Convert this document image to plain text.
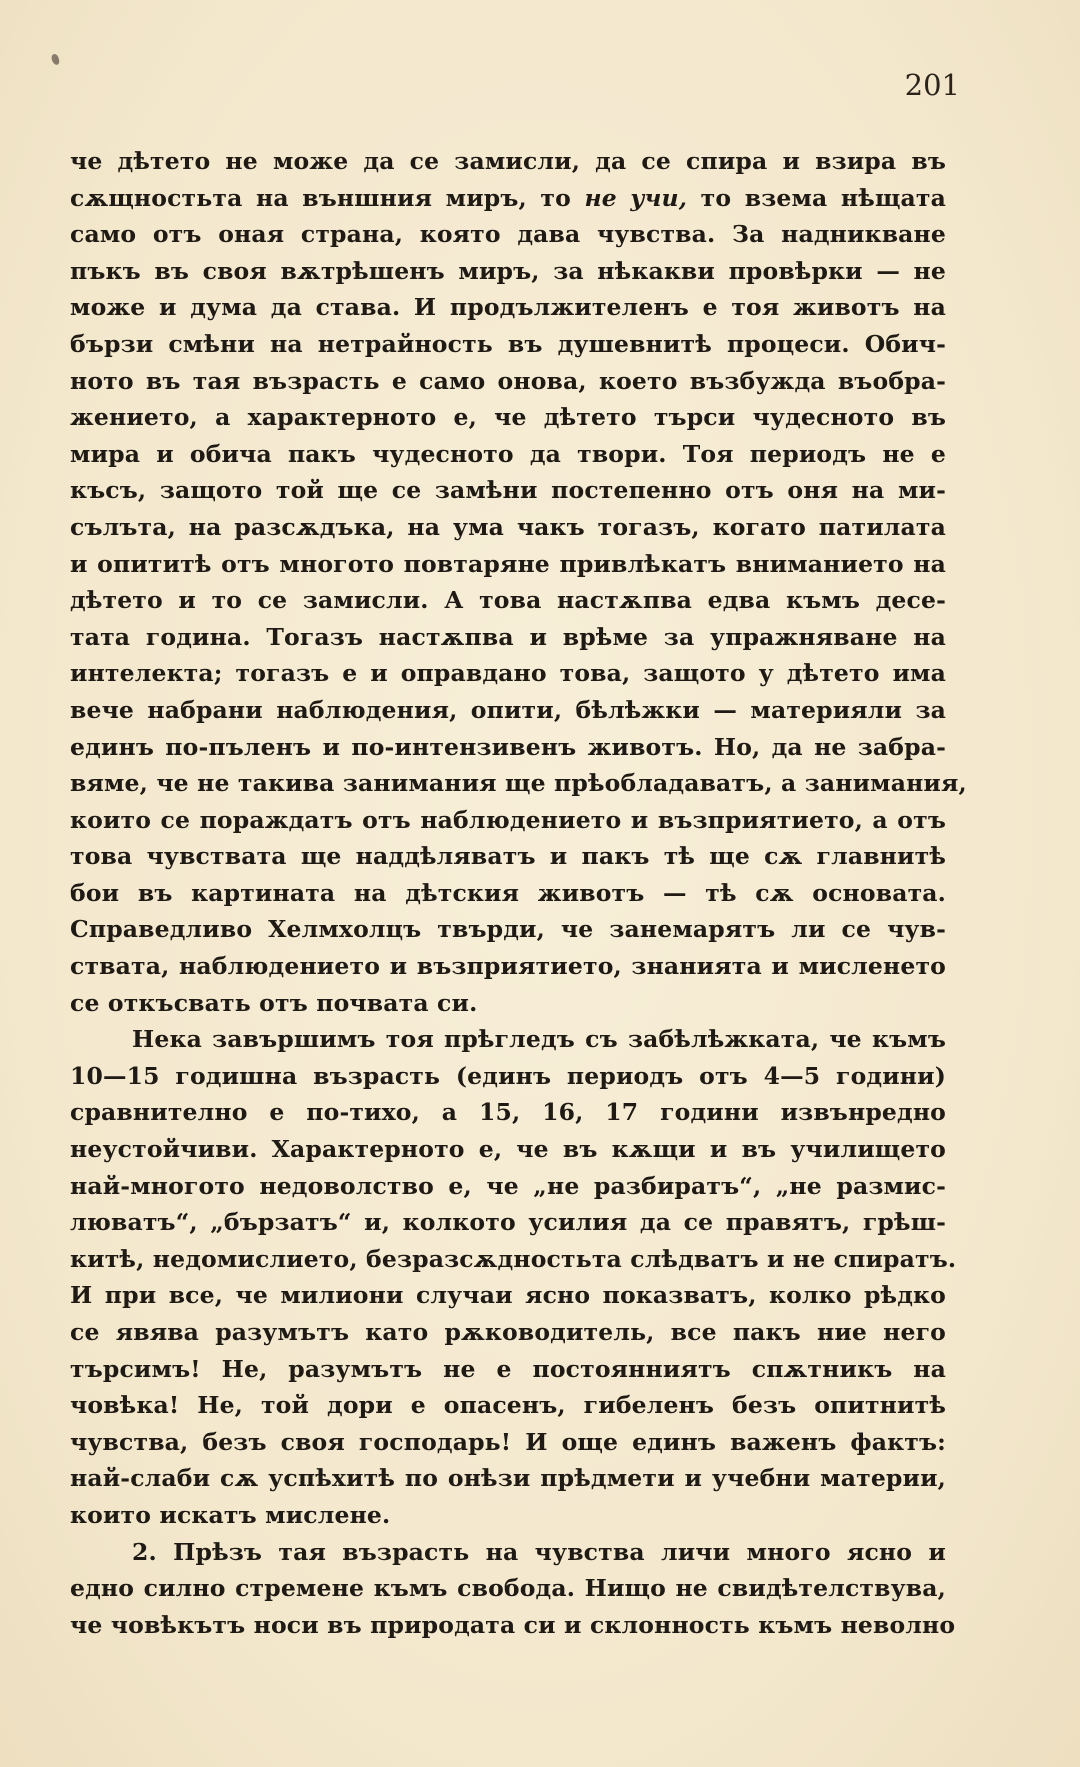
201
че дѣтето не може да се замисли, да се спира и взира въ
сѫщностьта на външния миръ, то не учи, то взема нѣщата
само отъ оная страна, която дава чувства. За надникване
пъкъ въ своя вѫтрѣшенъ миръ, за нѣкакви провѣрки — не
може и дума да става. И продължителенъ е тоя животъ на
бързи смѣни на нетрайность въ душевнитѣ процеси. Обич-
ното въ тая възрасть е само онова, което възбужда въобра-
жението, а характерното е, че дѣтето търси чудесното въ
мира и обича пакъ чудесното да твори. Тоя периодъ не е
късъ, защото той ще се замѣни постепенно отъ оня на ми-
сълъта, на разсѫдъка, на ума чакъ тогазъ, когато патилата
и опититѣ отъ многото повтаряне привлѣкатъ вниманието на
дѣтето и то се замисли. А това настѫпва едва къмъ десе-
тата година. Тогазъ настѫпва и врѣме за упражняване на
интелекта; тогазъ е и оправдано това, защото у дѣтето има
вече набрани наблюдения, опити, бѣлѣжки — материяли за
единъ по-пъленъ и по-интензивенъ животъ. Но, да не забра-
вяме, че не такива занимания ще прѣобладаватъ, а занимания,
които се пораждатъ отъ наблюдението и възприятието, а отъ
това чувствата ще наддѣляватъ и пакъ тѣ ще сѫ главнитѣ
бои въ картината на дѣтския животъ — тѣ сѫ основата.
Справедливо Хелмхолцъ твърди, че занемарятъ ли се чув-
ствата, наблюдението и възприятието, знанията и мисленето
се откъсвать отъ почвата си.
Нека завършимъ тоя прѣгледъ съ забѣлѣжката, че къмъ
10—15 годишна възрасть (единъ периодъ отъ 4—5 години)
сравнително е по-тихо, а 15, 16, 17 години извънредно
неустойчиви. Характерното е, че въ кѫщи и въ училището
най-многото недоволство е, че „не разбиратъ“, „не размис-
люватъ“, „бързатъ“ и, колкото усилия да се правятъ, грѣш-
китѣ, недомислието, безразсѫдностьта слѣдватъ и не спиратъ.
И при все, че милиони случаи ясно показватъ, колко рѣдко
се явява разумътъ като рѫководитель, все пакъ ние него
търсимъ! Не, разумътъ не е постоянниятъ спѫтникъ на
човѣка! Не, той дори е опасенъ, гибеленъ безъ опитнитѣ
чувства, безъ своя господарь! И още единъ важенъ фактъ:
най-слаби сѫ успѣхитѣ по онѣзи прѣдмети и учебни материи,
които искатъ мислене.
2. Прѣзъ тая възрасть на чувства личи много ясно и
едно силно стремене къмъ свобода. Нищо не свидѣтелствува,
че човѣкътъ носи въ природата си и склонность къмъ неволно
